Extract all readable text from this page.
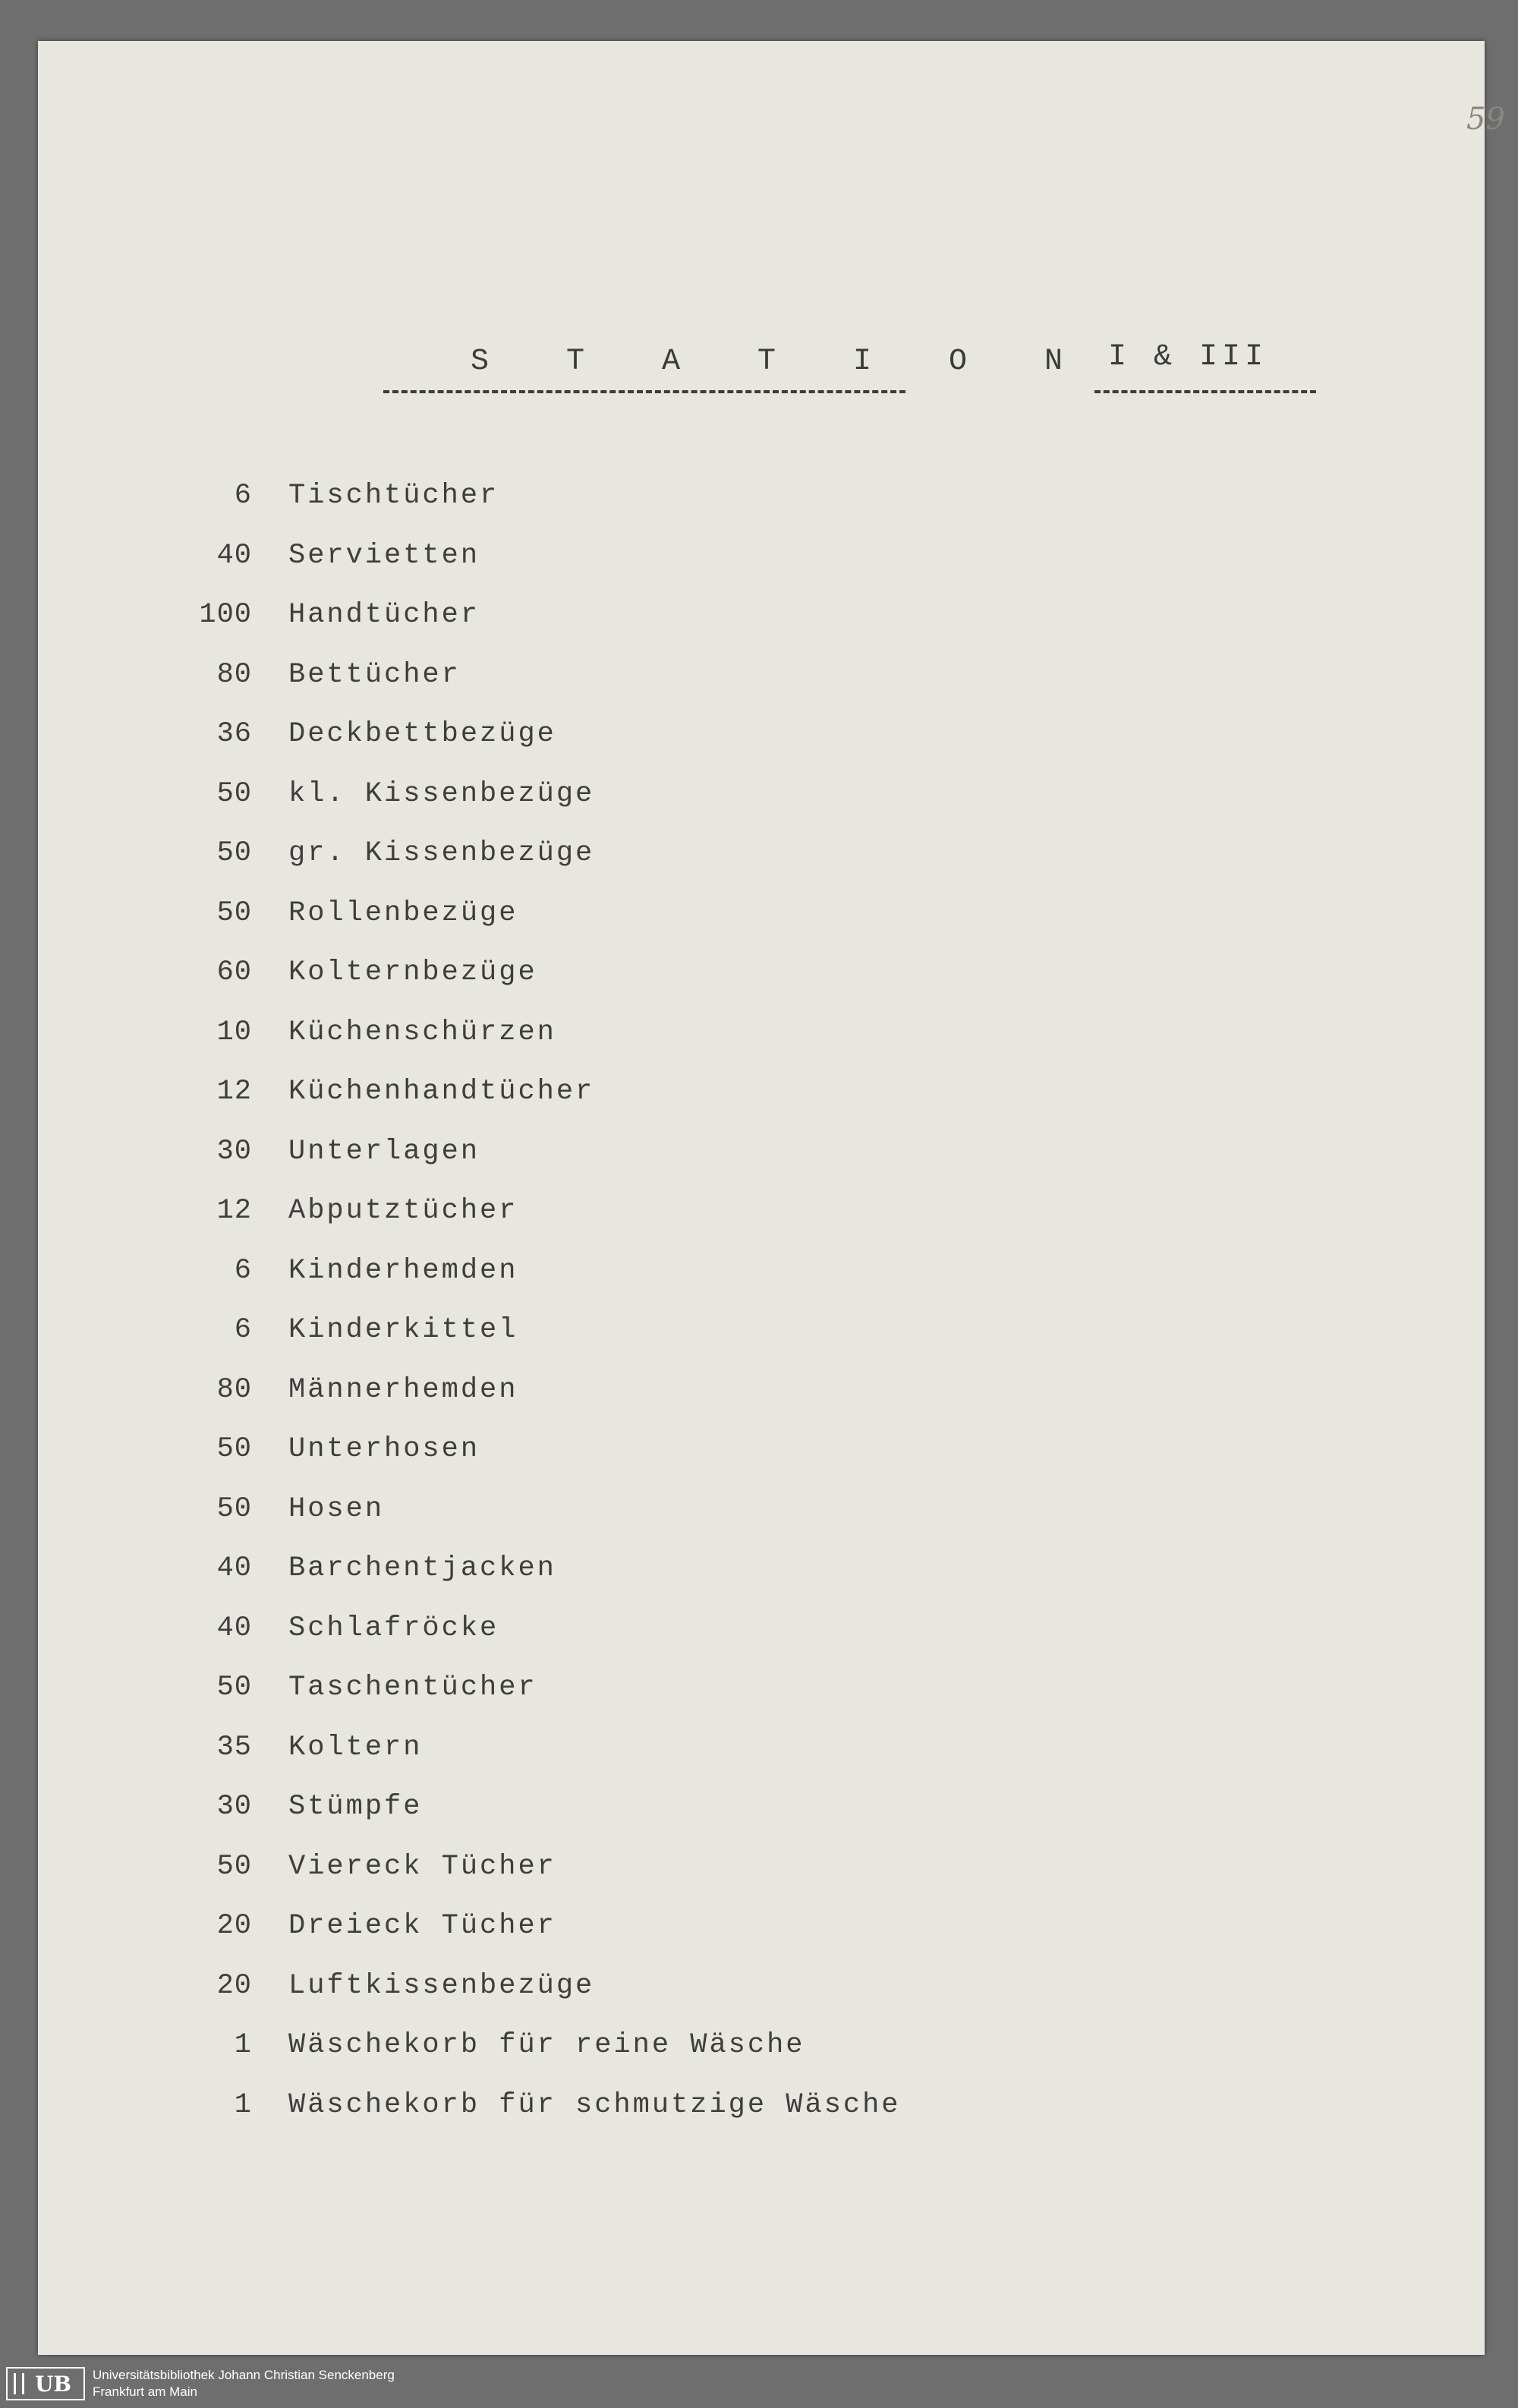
59
S T A T I O N I & III
6 Tischtücher
40 Servietten
100 Handtücher
80 Bettücher
36 Deckbettbezüge
50 kl. Kissenbezüge
50 gr. Kissenbezüge
50 Rollenbezüge
60 Kolternbezüge
10 Küchenschürzen
12 Küchenhandtücher
30 Unterlagen
12 Abputztücher
6 Kinderhemden
6 Kinderkittel
80 Männerhemden
50 Unterhosen
50 Hosen
40 Barchentjacken
40 Schlafröcke
50 Taschentücher
35 Koltern
30 Stümpfe
50 Viereck Tücher
20 Dreieck Tücher
20 Luftkissenbezüge
1 Wäschekorb für reine Wäsche
1 Wäschekorb für schmutzige Wäsche
UB Universitätsbibliothek Johann Christian Senckenberg
Frankfurt am Main
